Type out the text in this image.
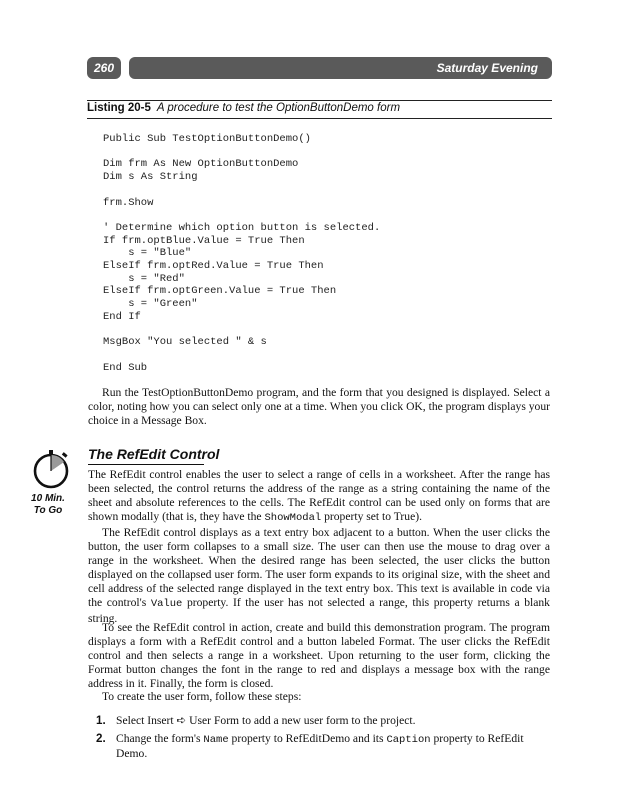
260	Saturday Evening
Listing 20-5 A procedure to test the OptionButtonDemo form
Public Sub TestOptionButtonDemo()

Dim frm As New OptionButtonDemo
Dim s As String

frm.Show

' Determine which option button is selected.
If frm.optBlue.Value = True Then
s = "Blue"
ElseIf frm.optRed.Value = True Then
s = "Red"
ElseIf frm.optGreen.Value = True Then
s = "Green"
End If

MsgBox "You selected " & s

End Sub

Run the TestOptionButtonDemo program, and the form that you designed is displayed. Select a color, noting how you can select only one at a time. When you click OK, the program displays your choice in a Message Box.

10 Min.
To Go
The RefEdit Control

The RefEdit control enables the user to select a range of cells in a worksheet. After the range has been selected, the control returns the address of the range as a string containing the name of the sheet and absolute references to the cells. The RefEdit control can be used only on forms that are shown modally (that is, they have the ShowModal property set to True).

The RefEdit control displays as a text entry box adjacent to a button. When the user clicks the button, the user form collapses to a small size. The user can then use the mouse to drag over a range in the worksheet. When the desired range has been selected, the user clicks the button displayed on the collapsed user form. The user form expands to its original size, with the sheet and cell address of the selected range displayed in the text entry box. This text is available in code via the control's Value property. If the user has not selected a range, this property returns a blank string.

To see the RefEdit control in action, create and build this demonstration program. The program displays a form with a RefEdit control and a button labeled Format. The user clicks the RefEdit control and then selects a range in a worksheet. Upon returning to the user form, clicking the Format button changes the font in the range to red and displays a message box with the range address in it. Finally, the form is closed.

To create the user form, follow these steps:

1. Select Insert ➪ User Form to add a new user form to the project.
2. Change the form's Name property to RefEditDemo and its Caption property to RefEdit Demo.
